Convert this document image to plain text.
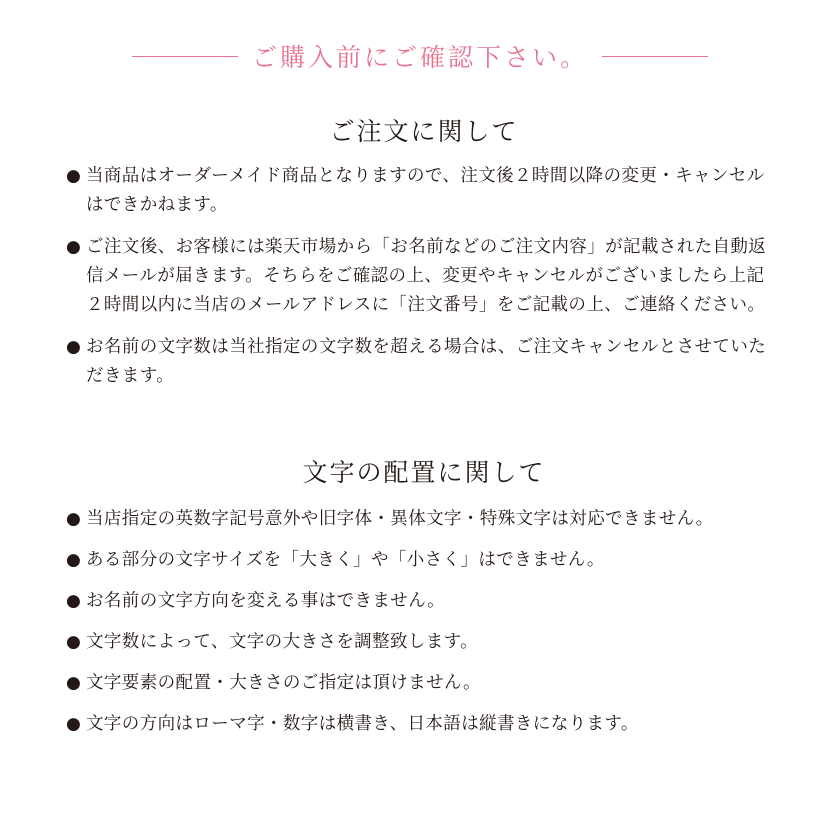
ご購入前にご確認下さい。
ご注文に関して
● 当商品はオーダーメイド商品となりますので、注文後２時間以降の変更・キャンセルはできかねます。
● ご注文後、お客様には楽天市場から「お名前などのご注文内容」が記載された自動返信メールが届きます。そちらをご確認の上、変更やキャンセルがございましたら上記２時間以内に当店のメールアドレスに「注文番号」をご記載の上、ご連絡ください。
● お名前の文字数は当社指定の文字数を超える場合は、ご注文キャンセルとさせていただきます。
文字の配置に関して
● 当店指定の英数字記号意外や旧字体・異体文字・特殊文字は対応できません。
● ある部分の文字サイズを「大きく」や「小さく」はできません。
● お名前の文字方向を変える事はできません。
● 文字数によって、文字の大きさを調整致します。
● 文字要素の配置・大きさのご指定は頂けません。
● 文字の方向はローマ字・数字は横書き、日本語は縦書きになります。
